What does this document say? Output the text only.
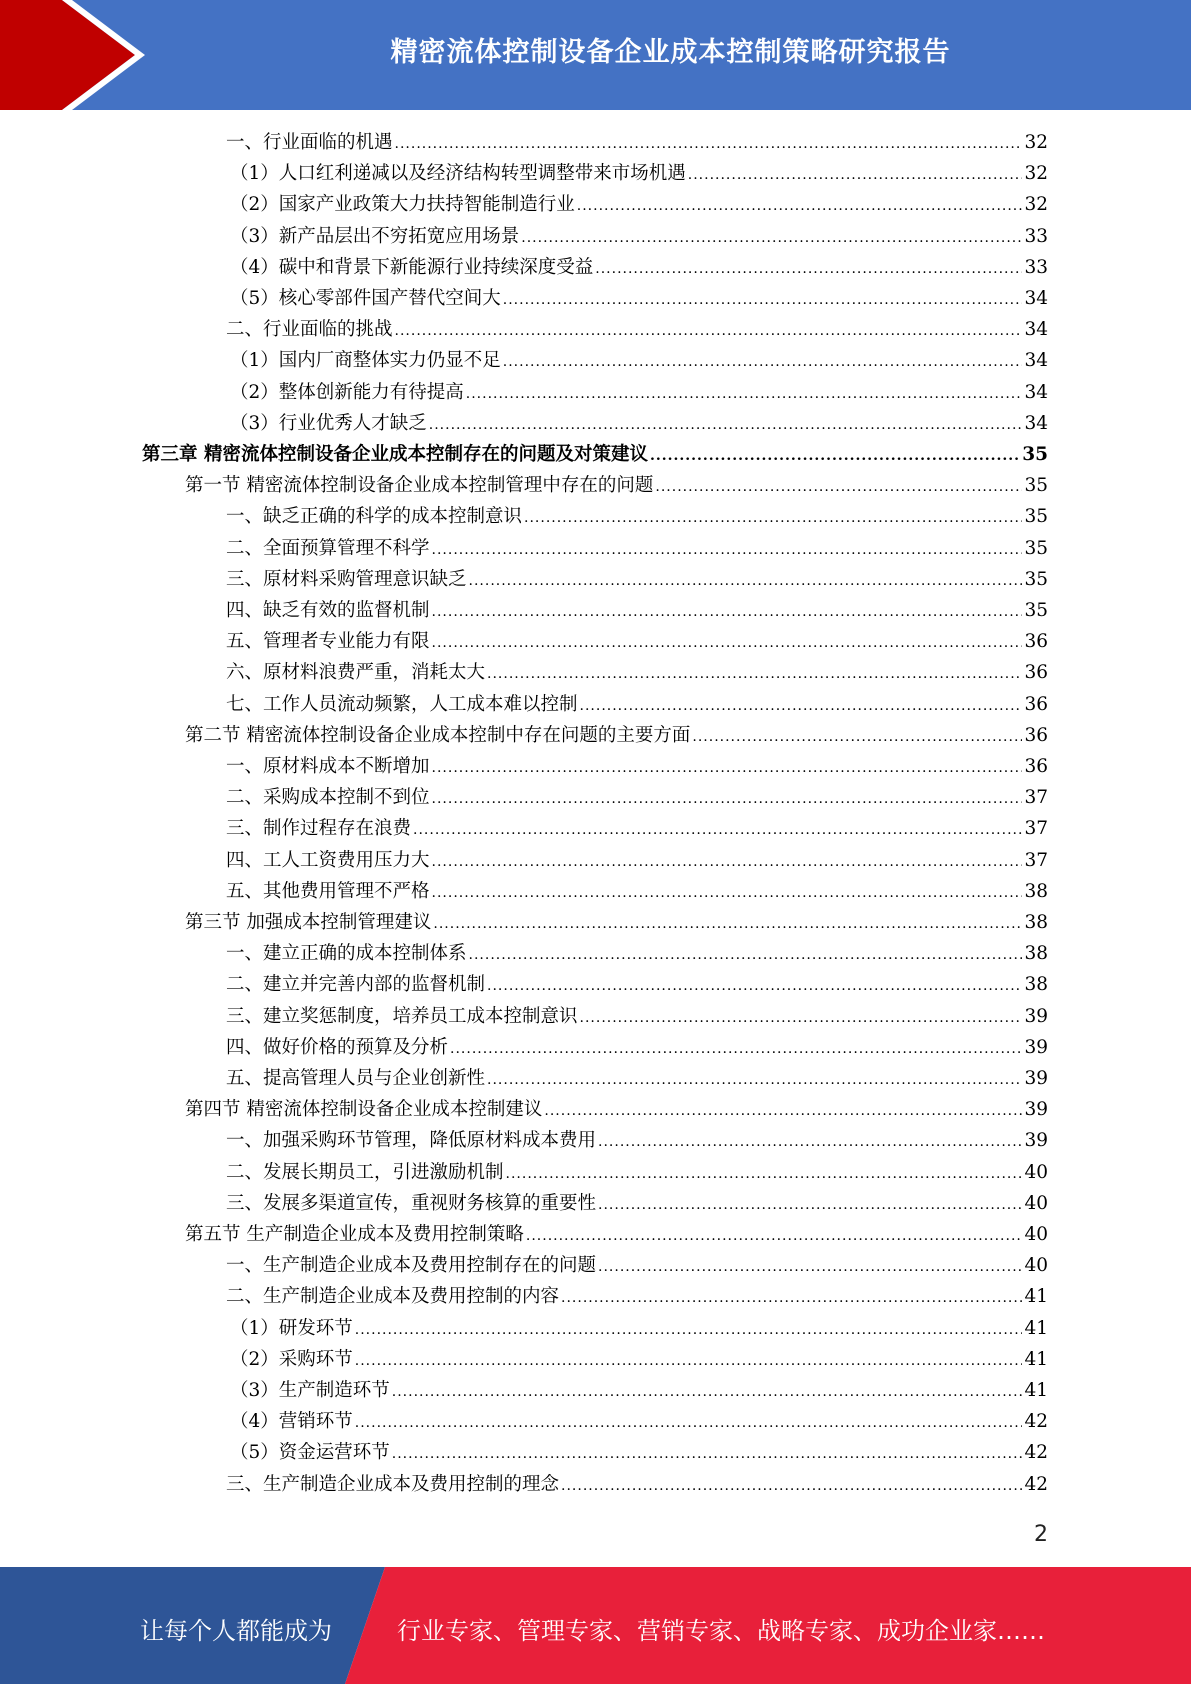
精密流体控制设备企业成本控制策略研究报告
一、行业面临的机遇 .....	32
（1）人口红利递减以及经济结构转型调整带来市场机遇 .....	32
（2）国家产业政策大力扶持智能制造行业 .....	32
（3）新产品层出不穷拓宽应用场景 .....	33
（4）碳中和背景下新能源行业持续深度受益 .....	33
（5）核心零部件国产替代空间大 .....	34
二、行业面临的挑战 .....	34
（1）国内厂商整体实力仍显不足 .....	34
（2）整体创新能力有待提高 .....	34
（3）行业优秀人才缺乏 .....	34
第三章 精密流体控制设备企业成本控制存在的问题及对策建议 .....	35
第一节 精密流体控制设备企业成本控制管理中存在的问题 .....	35
一、缺乏正确的科学的成本控制意识 .....	35
二、全面预算管理不科学 .....	35
三、原材料采购管理意识缺乏 .....	35
四、缺乏有效的监督机制 .....	35
五、管理者专业能力有限 .....	36
六、原材料浪费严重，消耗太大 .....	36
七、工作人员流动频繁，人工成本难以控制 .....	36
第二节 精密流体控制设备企业成本控制中存在问题的主要方面 .....	36
一、原材料成本不断增加 .....	36
二、采购成本控制不到位 .....	37
三、制作过程存在浪费 .....	37
四、工人工资费用压力大 .....	37
五、其他费用管理不严格 .....	38
第三节 加强成本控制管理建议 .....	38
一、建立正确的成本控制体系 .....	38
二、建立并完善内部的监督机制 .....	38
三、建立奖惩制度，培养员工成本控制意识 .....	39
四、做好价格的预算及分析 .....	39
五、提高管理人员与企业创新性 .....	39
第四节 精密流体控制设备企业成本控制建议 .....	39
一、加强采购环节管理，降低原材料成本费用 .....	39
二、发展长期员工，引进激励机制 .....	40
三、发展多渠道宣传，重视财务核算的重要性 .....	40
第五节 生产制造企业成本及费用控制策略 .....	40
一、生产制造企业成本及费用控制存在的问题 .....	40
二、生产制造企业成本及费用控制的内容 .....	41
（1）研发环节 .....	41
（2）采购环节 .....	41
（3）生产制造环节 .....	41
（4）营销环节 .....	42
（5）资金运营环节 .....	42
三、生产制造企业成本及费用控制的理念 .....	42
2
让每个人都能成为	行业专家、管理专家、营销专家、战略专家、成功企业家……
